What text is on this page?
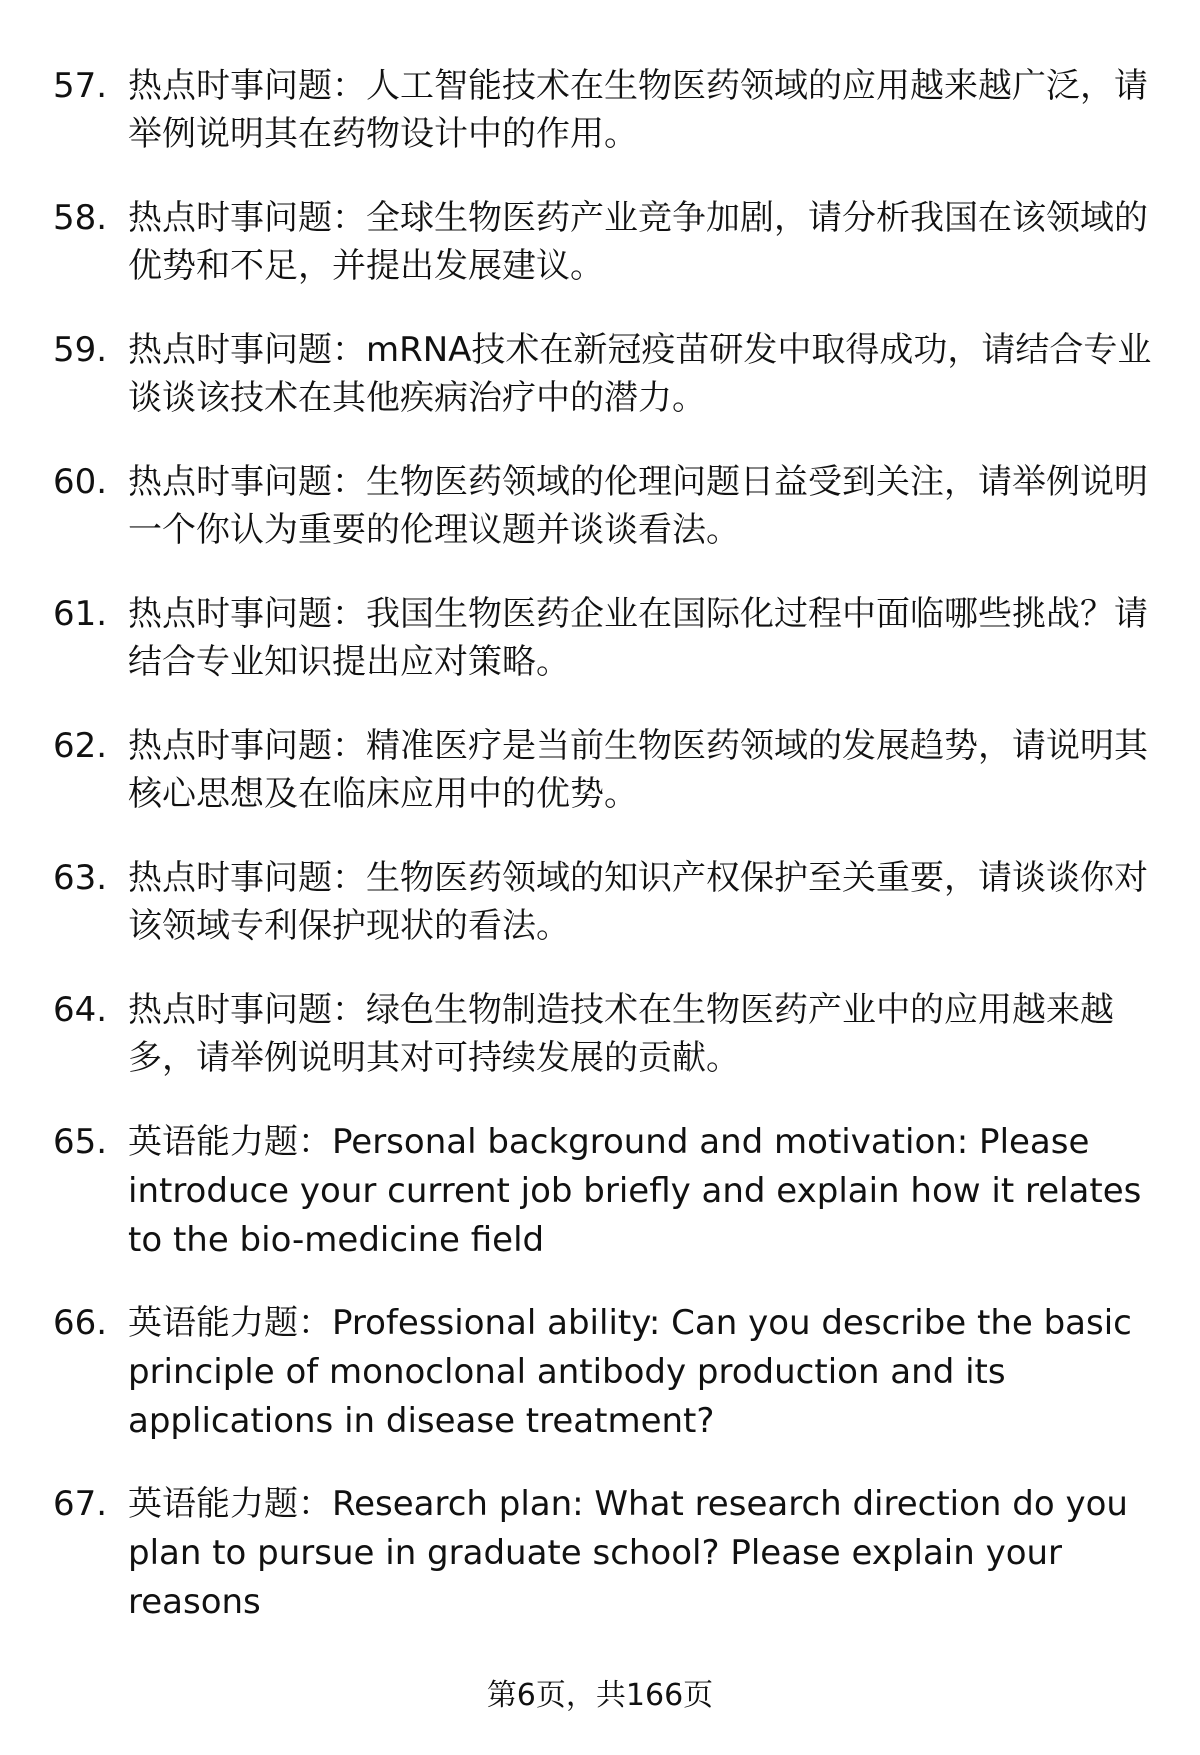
57. 热点时事问题：人工智能技术在生物医药领域的应用越来越广泛，请举例说明其在药物设计中的作用。
58. 热点时事问题：全球生物医药产业竞争加剧，请分析我国在该领域的优势和不足，并提出发展建议。
59. 热点时事问题：mRNA技术在新冠疫苗研发中取得成功，请结合专业谈谈该技术在其他疾病治疗中的潜力。
60. 热点时事问题：生物医药领域的伦理问题日益受到关注，请举例说明一个你认为重要的伦理议题并谈谈看法。
61. 热点时事问题：我国生物医药企业在国际化过程中面临哪些挑战？请结合专业知识提出应对策略。
62. 热点时事问题：精准医疗是当前生物医药领域的发展趋势，请说明其核心思想及在临床应用中的优势。
63. 热点时事问题：生物医药领域的知识产权保护至关重要，请谈谈你对该领域专利保护现状的看法。
64. 热点时事问题：绿色生物制造技术在生物医药产业中的应用越来越多，请举例说明其对可持续发展的贡献。
65. 英语能力题：Personal background and motivation: Please introduce your current job briefly and explain how it relates to the bio-medicine field
66. 英语能力题：Professional ability: Can you describe the basic principle of monoclonal antibody production and its applications in disease treatment?
67. 英语能力题：Research plan: What research direction do you plan to pursue in graduate school? Please explain your reasons
第6页，共166页
